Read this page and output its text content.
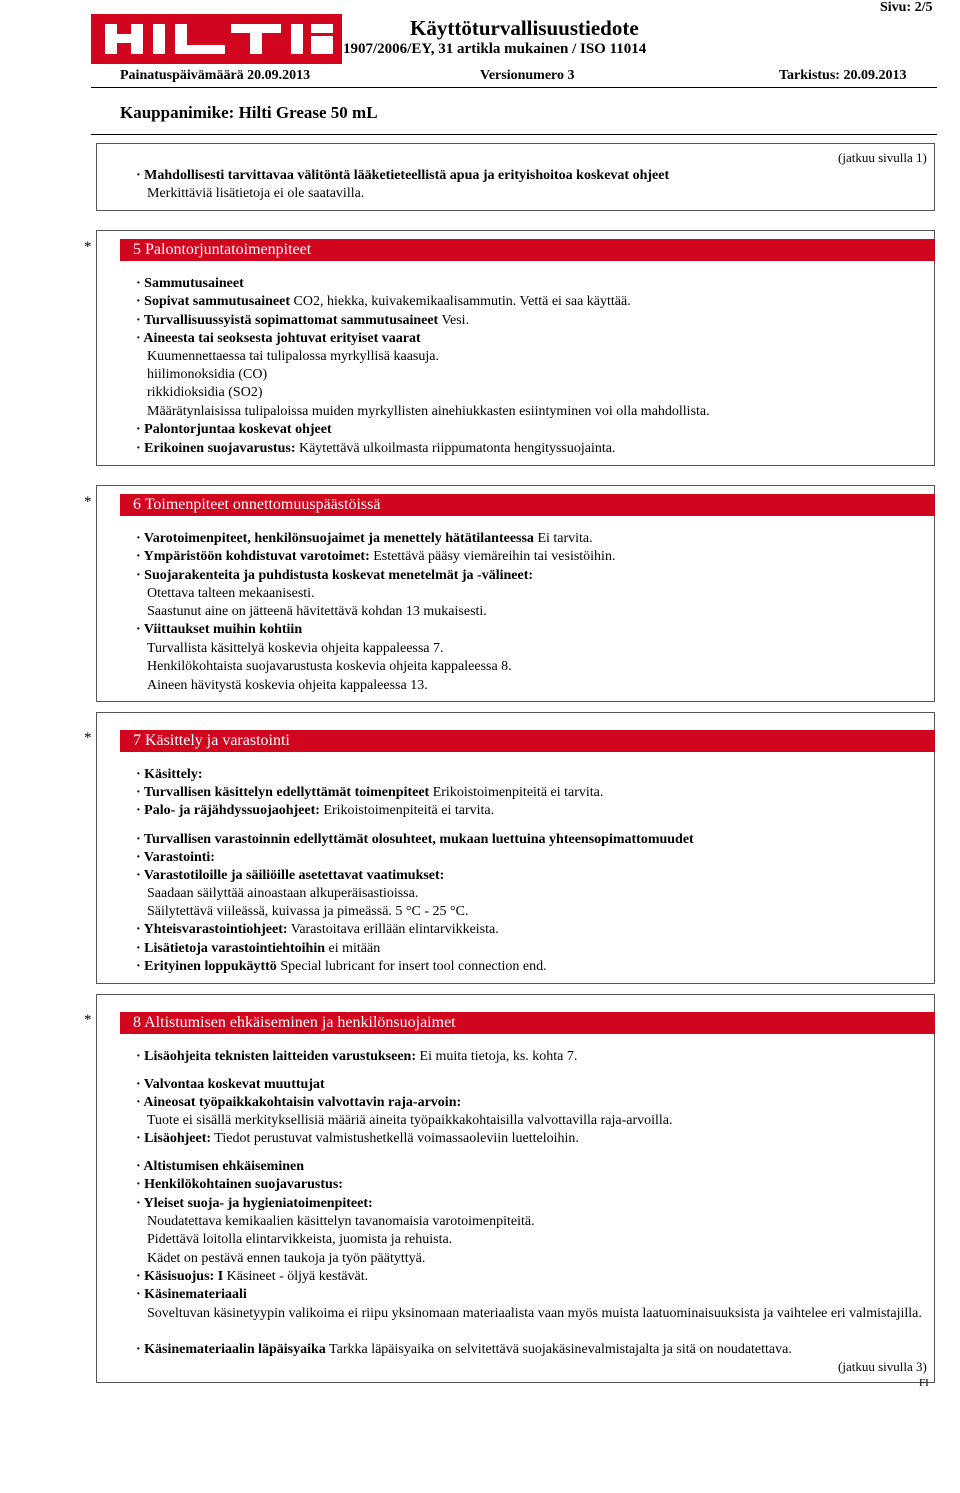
Käyttöturvallisuustiedote
1907/2006/EY, 31 artikla mukainen / ISO 11014
Sivu: 2/5
Painatuspäivämäärä 20.09.2013	Versionumero 3	Tarkistus: 20.09.2013
Kauppanimike: Hilti Grease 50 mL
(jatkuu sivulla 1)
· Mahdollisesti tarvittavaa välitöntä lääketieteellistä apua ja erityishoitoa koskevat ohjeet
Merkittäviä lisätietoja ei ole saatavilla.
*	5 Palontorjuntatoimenpiteet
· Sammutusaineet
· Sopivat sammutusaineet CO2, hiekka, kuivakemikaalisammutin. Vettä ei saa käyttää.
· Turvallisuussyistä sopimattomat sammutusaineet Vesi.
· Aineesta tai seoksesta johtuvat erityiset vaarat
Kuumennettaessa tai tulipalossa myrkyllisä kaasuja.
hiilimonoksidia (CO)
rikkidioksidia (SO2)
Määrätynlaisissa tulipaloissa muiden myrkyllisten ainehiukkasten esiintyminen voi olla mahdollista.
· Palontorjuntaa koskevat ohjeet
· Erikoinen suojavarustus: Käytettävä ulkoilmasta riippumatonta hengityssuojainta.
*	6 Toimenpiteet onnettomuuspäästöissä
· Varotoimenpiteet, henkilönsuojaimet ja menettely hätätilanteessa Ei tarvita.
· Ympäristöön kohdistuvat varotoimet: Estettävä pääsy viemäreihin tai vesistöihin.
· Suojarakenteita ja puhdistusta koskevat menetelmät ja -välineet:
Otettava talteen mekaanisesti.
Saastunut aine on jätteenä hävitettävä kohdan 13 mukaisesti.
· Viittaukset muihin kohtiin
Turvallista käsittelyä koskevia ohjeita kappaleessa 7.
Henkilökohtaista suojavarustusta koskevia ohjeita kappaleessa 8.
Aineen hävitystä koskevia ohjeita kappaleessa 13.
*	7 Käsittely ja varastointi
· Käsittely:
· Turvallisen käsittelyn edellyttämät toimenpiteet Erikoistoimenpiteitä ei tarvita.
· Palo- ja räjähdyssuojaohjeet: Erikoistoimenpiteitä ei tarvita.
· Turvallisen varastoinnin edellyttämät olosuhteet, mukaan luettuina yhteensopimattomuudet
· Varastointi:
· Varastotiloille ja säiliöille asetettavat vaatimukset:
Saadaan säilyttää ainoastaan alkuperäisastioissa.
Säilytettävä viileässä, kuivassa ja pimeässä. 5 °C - 25 °C.
· Yhteisvarastointiohjeet: Varastoitava erillään elintarvikkeista.
· Lisätietoja varastointiehtoihin ei mitään
· Erityinen loppukäyttö Special lubricant for insert tool connection end.
*	8 Altistumisen ehkäiseminen ja henkilönsuojaimet
· Lisäohjeita teknisten laitteiden varustukseen: Ei muita tietoja, ks. kohta 7.
· Valvontaa koskevat muuttujat
· Aineosat työpaikkakohtaisin valvottavin raja-arvoin:
Tuote ei sisällä merkityksellisiä määriä aineita työpaikkakohtaisilla valvottavilla raja-arvoilla.
· Lisäohjeet: Tiedot perustuvat valmistushetkellä voimassaoleviin luetteloihin.
· Altistumisen ehkäiseminen
· Henkilökohtainen suojavarustus:
· Yleiset suoja- ja hygieniatoimenpiteet:
Noudatettava kemikaalien käsittelyn tavanomaisia varotoimenpiteitä.
Pidettävä loitolla elintarvikkeista, juomista ja rehuista.
Kädet on pestävä ennen taukoja ja työn päätyttyä.
· Käsisuojus: I Käsineet - öljyä kestävät.
· Käsinemateriaali
Soveltuvan käsinetyypin valikoima ei riipu yksinomaan materiaalista vaan myös muista laatuominaisuuksista ja vaihtelee eri valmistajilla.
· Käsinemateriaalin läpäisyaika Tarkka läpäisyaika on selvitettävä suojakäsinevalmistajalta ja sitä on noudatettava.
(jatkuu sivulla 3)
FI
